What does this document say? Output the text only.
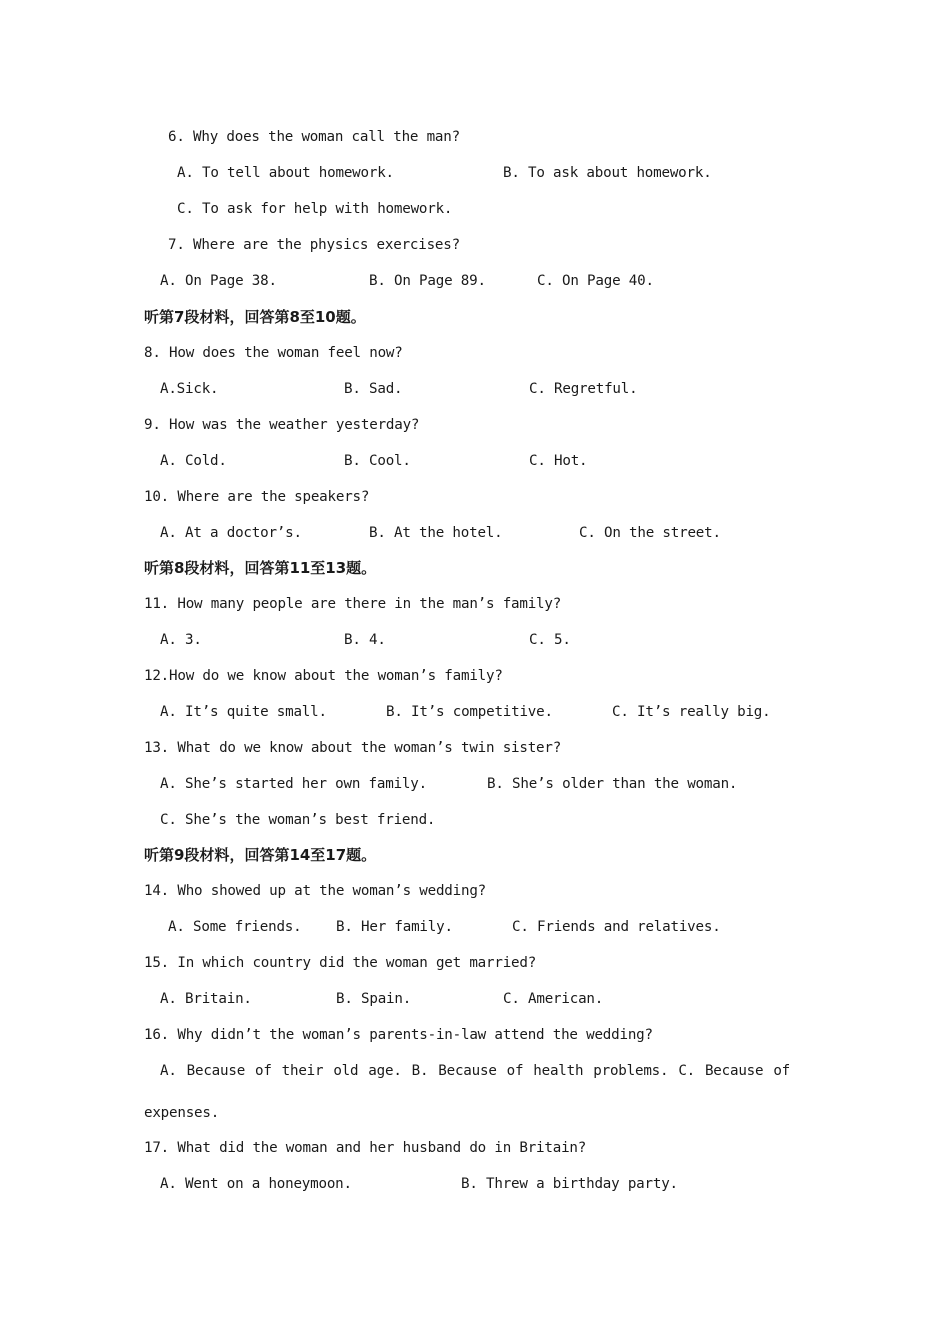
6. Why does the woman call the man?
A. To tell about homework.	B. To ask about homework.
C. To ask for help with homework.
7. Where are the physics exercises?
A. On Page 38.	B. On Page 89.	C. On Page 40.
听第7段材料，回答第8至10题。
8. How does the woman feel now?
A.Sick.	B. Sad.	C. Regretful.
9. How was the weather yesterday?
A. Cold.	B. Cool.	C. Hot.
10. Where are the speakers?
A. At a doctor’s.	B. At the hotel.	C. On the street.
听第8段材料，回答第11至13题。
11. How many people are there in the man’s family?
A. 3.	B. 4.	C. 5.
12.How do we know about the woman’s family?
A. It’s quite small.	B. It’s competitive.	C. It’s really big.
13. What do we know about the woman’s twin sister?
A. She’s started her own family.	B. She’s older than the woman.
C. She’s the woman’s best friend.
听第9段材料，回答第14至17题。
14. Who showed up at the woman’s wedding?
A. Some friends. B. Her family.	C. Friends and relatives.
15. In which country did the woman get married?
A. Britain.	B. Spain.	C. American.
16. Why didn’t the woman’s parents-in-law attend the wedding?
A. Because of their old age. B. Because of health problems. C. Because of expenses.
17. What did the woman and her husband do in Britain?
A. Went on a honeymoon.	B. Threw a birthday party.
